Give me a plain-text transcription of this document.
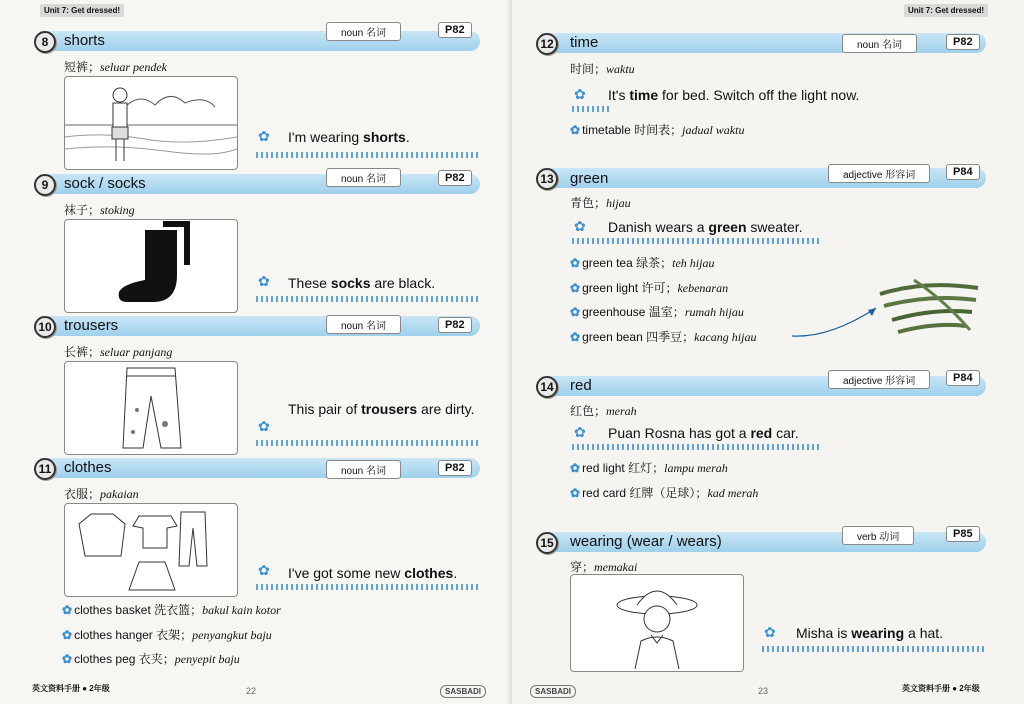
Unit 7: Get dressed!
8	shorts	noun 名词	P82
短裤；seluar pendek
✿ I'm wearing shorts.
9	sock / socks	noun 名词	P82
袜子；stoking
✿ These socks are black.
10 trousers	noun 名词	P82
长裤；seluar panjang
✿
This pair of trousers are dirty.
11 clothes	noun 名词	P82
衣服；pakaian
✿ I've got some new clothes.
✿ clothes basket 洗衣篮；bakul kain kotor
✿ clothes hanger 衣架；penyangkut baju
✿ clothes peg 衣夹；penyepit baju
英文资料手册 ● 2年级	22	SASBADI
Unit 7: Get dressed!
12 time	noun 名词	P82
时间；waktu
✿ It's time for bed. Switch off the light now.
✿ timetable 时间表；jadual waktu
13 green	adjective 形容词	P84
青色；hijau
✿ Danish wears a green sweater.
✿ green tea 绿茶；teh hijau
✿ green light 许可；kebenaran
✿ greenhouse 温室；rumah hijau
✿ green bean 四季豆；kacang hijau
14 red	adjective 形容词	P84
红色；merah
✿ Puan Rosna has got a red car.
✿ red light 红灯；lampu merah
✿ red card 红牌（足球）；kad merah
15 wearing (wear / wears)	verb 动词	P85
穿；memakai
✿ Misha is wearing a hat.
SASBADI	23	英文资料手册 ● 2年级
